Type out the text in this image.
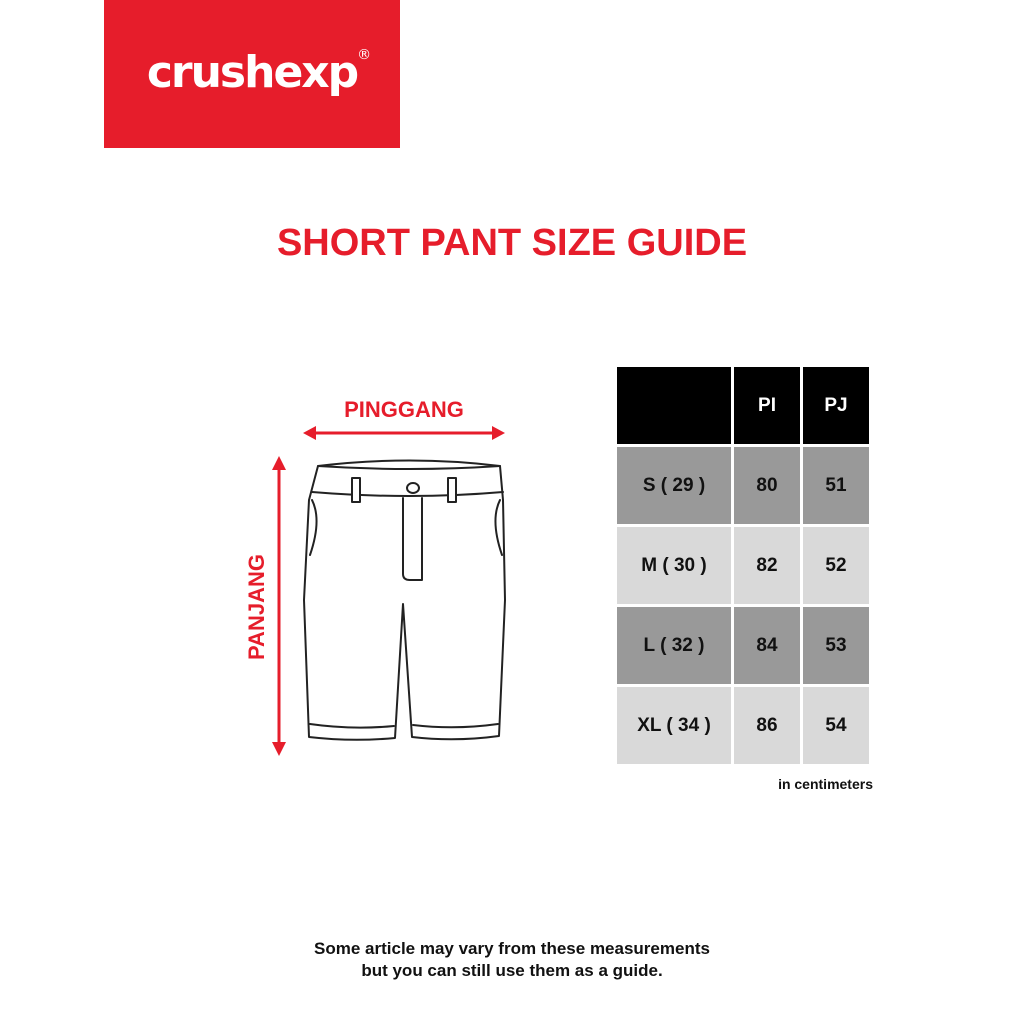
crushexp ®
SHORT PANT SIZE GUIDE
PINGGANG
PANJANG
	PI	PJ
S ( 29 )	80	51
M ( 30 )	82	52
L ( 32 )	84	53
XL ( 34 )	86	54
in centimeters
Some article may vary from these measurements
but you can still use them as a guide.
